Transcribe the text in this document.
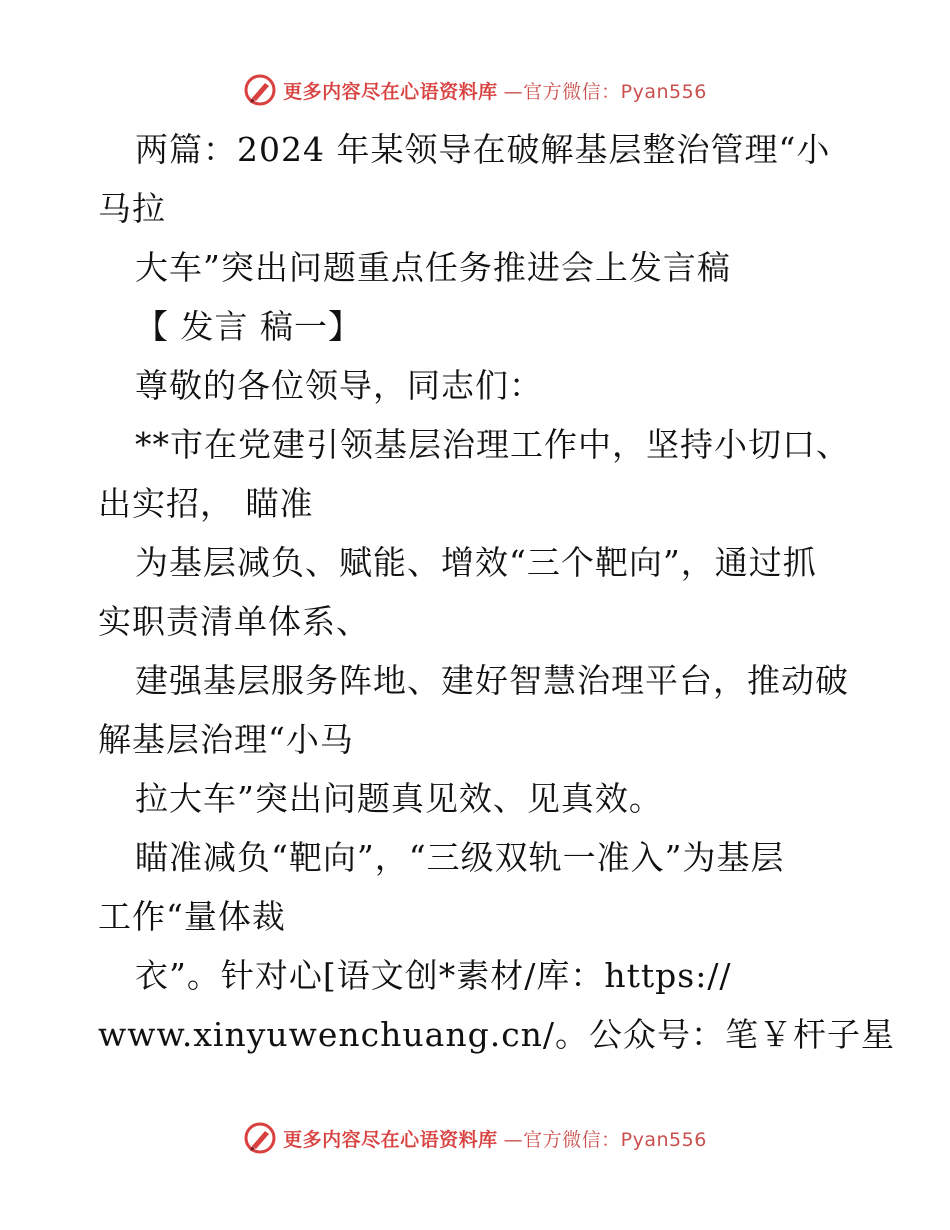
更多内容尽在心语资料库 —官方微信：Pyan556
两篇：2024 年某领导在破解基层整治管理“小
马拉
大车”突出问题重点任务推进会上发言稿
【 发言 稿一】
尊敬的各位领导，同志们：
**市在党建引领基层治理工作中，坚持小切口、
出实招， 瞄准
为基层减负、赋能、增效“三个靶向”，通过抓
实职责清单体系、
建强基层服务阵地、建好智慧治理平台，推动破
解基层治理“小马
拉大车”突出问题真见效、见真效。
瞄准减负“靶向”，“三级双轨一准入”为基层
工作“量体裁
衣”。针对心[语文创*素材/库：https://
www.xinyuwenchuang.cn/。公众号：笔￥杆子星
更多内容尽在心语资料库 —官方微信：Pyan556
